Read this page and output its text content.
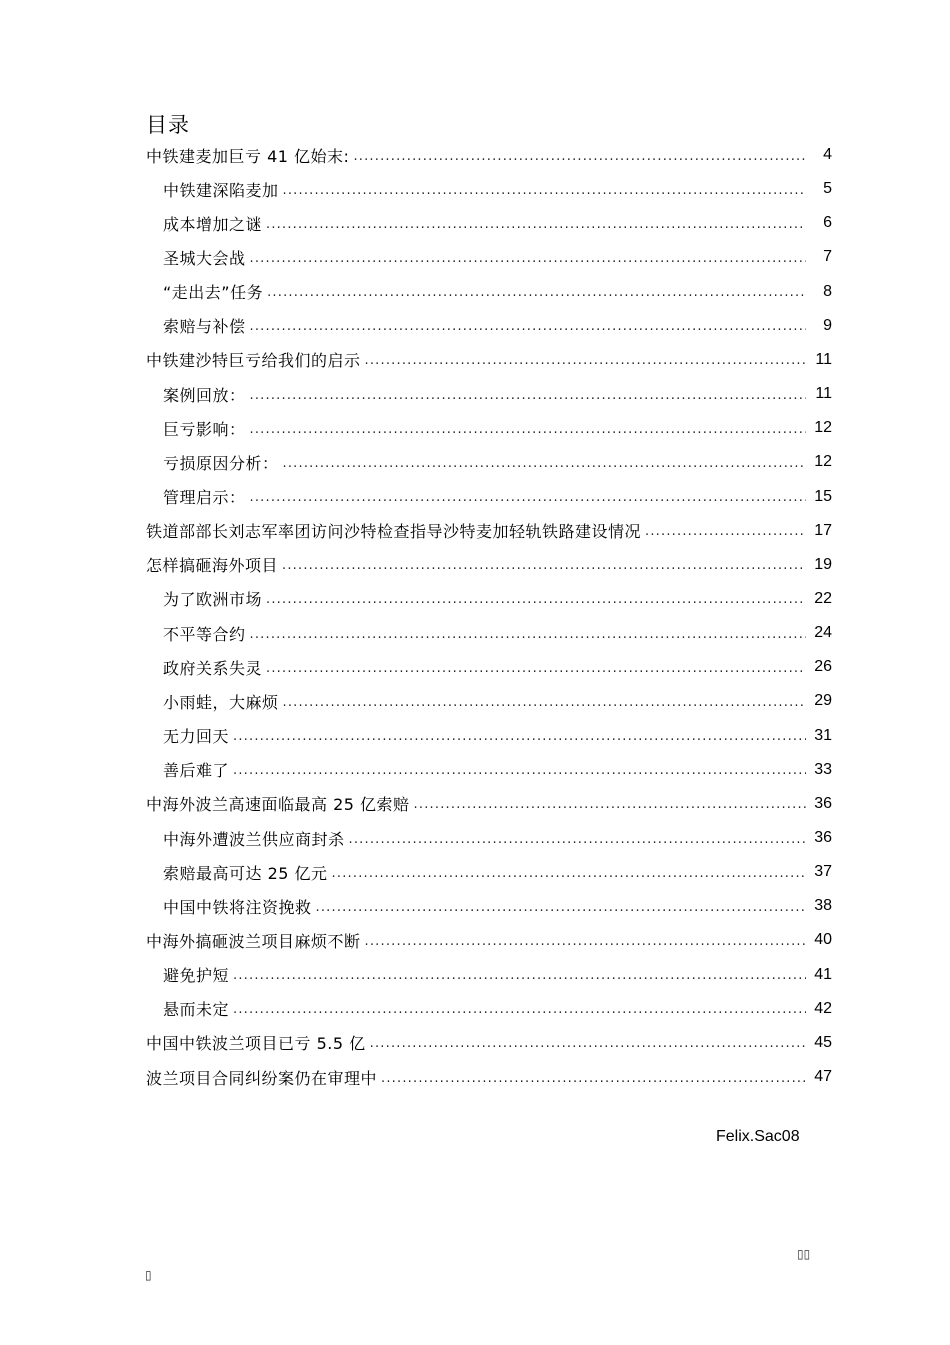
目录
中铁建麦加巨亏 41 亿始末: .....	4
中铁建深陷麦加 .....	5
成本增加之谜 .....	6
圣城大会战 .....	7
“走出去”任务 .....	8
索赔与补偿 .....	9
中铁建沙特巨亏给我们的启示 .....	11
案例回放： .....	11
巨亏影响： .....	12
亏损原因分析： .....	12
管理启示： .....	15
铁道部部长刘志军率团访问沙特检查指导沙特麦加轻轨铁路建设情况 .....	17
怎样搞砸海外项目 .....	19
为了欧洲市场 .....	22
不平等合约 .....	24
政府关系失灵 .....	26
小雨蛙，大麻烦 .....	29
无力回天 .....	31
善后难了 .....	33
中海外波兰高速面临最高 25 亿索赔 .....	36
中海外遭波兰供应商封杀 .....	36
索赔最高可达 25 亿元 .....	37
中国中铁将注资挽救 .....	38
中海外搞砸波兰项目麻烦不断 .....	40
避免护短 .....	41
悬而未定 .....	42
中国中铁波兰项目已亏 5.5 亿 .....	45
波兰项目合同纠纷案仍在审理中 .....	47
Felix.Sac08
▯▯
▯
